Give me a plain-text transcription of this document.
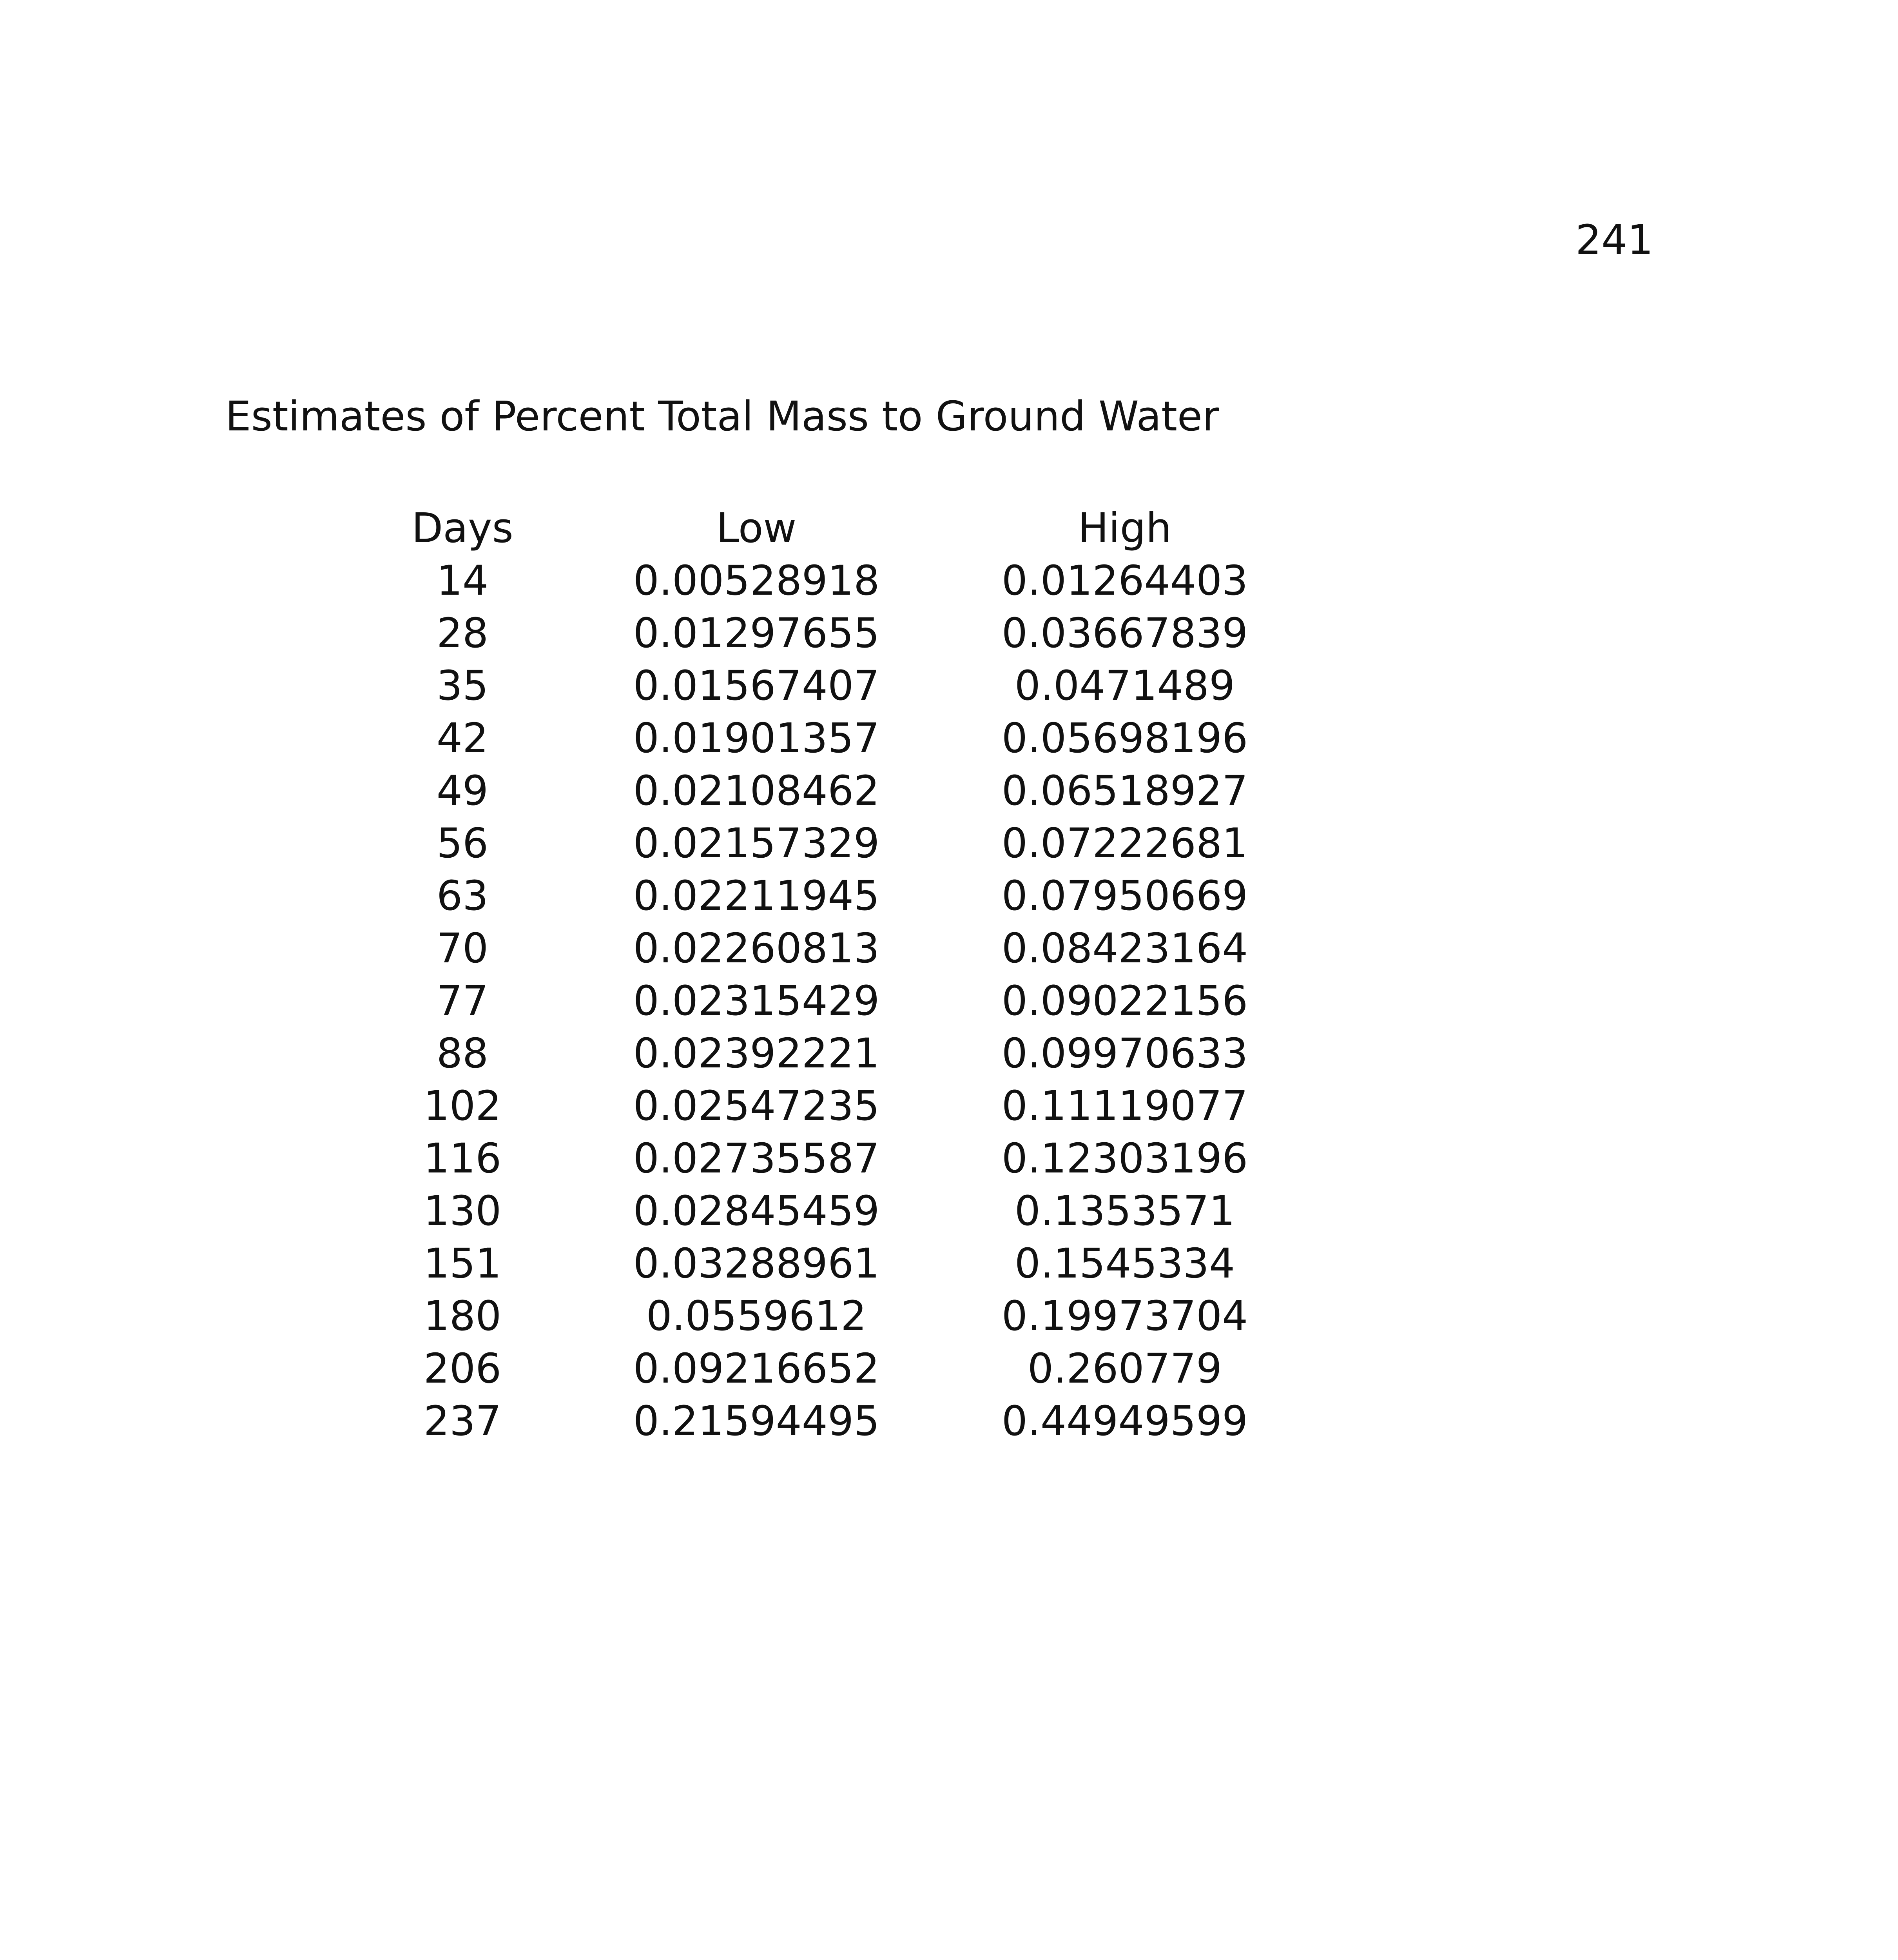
241
Estimates of Percent Total Mass to Ground Water
Days	Low	High
14	0.00528918	0.01264403
28	0.01297655	0.03667839
35	0.01567407	0.0471489
42	0.01901357	0.05698196
49	0.02108462	0.06518927
56	0.02157329	0.07222681
63	0.02211945	0.07950669
70	0.02260813	0.08423164
77	0.02315429	0.09022156
88	0.02392221	0.09970633
102	0.02547235	0.11119077
116	0.02735587	0.12303196
130	0.02845459	0.1353571
151	0.03288961	0.1545334
180	0.0559612	0.19973704
206	0.09216652	0.260779
237	0.21594495	0.44949599
